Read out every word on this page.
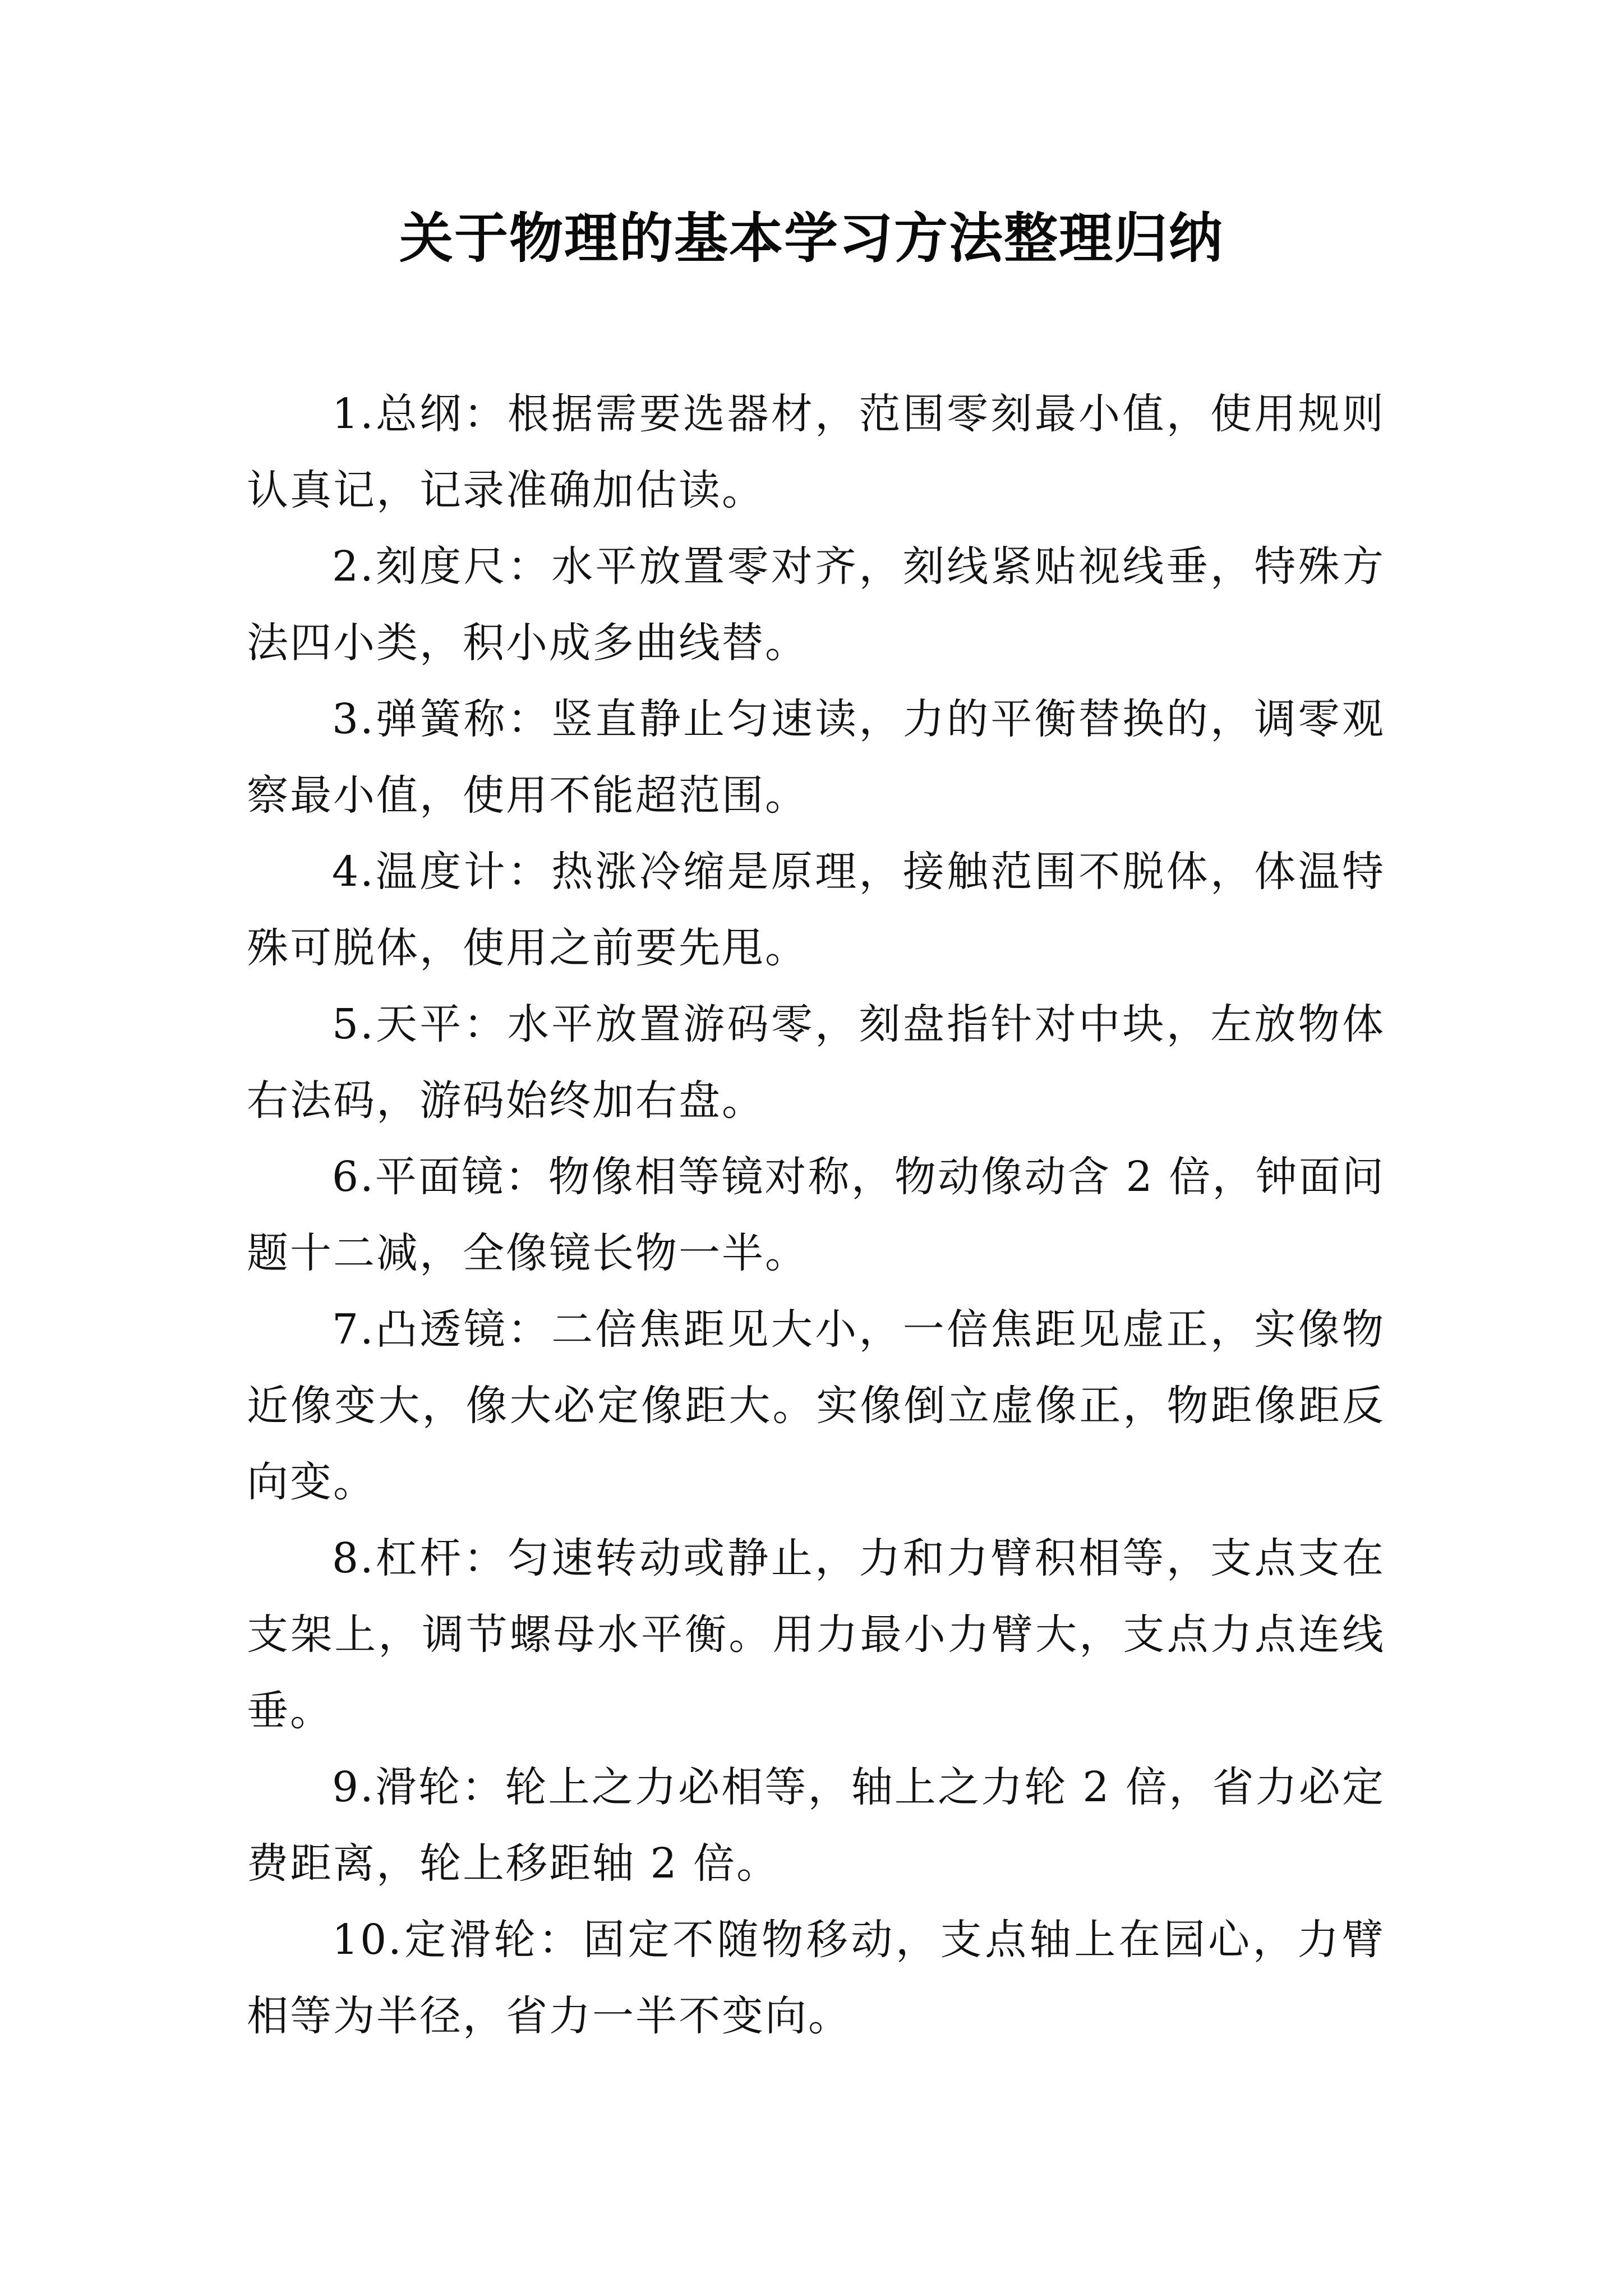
关于物理的基本学习方法整理归纳

1.总纲：根据需要选器材，范围零刻最小值，使用规则认真记，记录准确加估读。

2.刻度尺：水平放置零对齐，刻线紧贴视线垂，特殊方法四小类，积小成多曲线替。

3.弹簧称：竖直静止匀速读，力的平衡替换的，调零观察最小值，使用不能超范围。

4.温度计：热涨冷缩是原理，接触范围不脱体，体温特殊可脱体，使用之前要先甩。

5.天平：水平放置游码零，刻盘指针对中块，左放物体右法码，游码始终加右盘。

6.平面镜：物像相等镜对称，物动像动含 2 倍，钟面问题十二减，全像镜长物一半。

7.凸透镜：二倍焦距见大小，一倍焦距见虚正，实像物近像变大，像大必定像距大。实像倒立虚像正，物距像距反向变。

8.杠杆：匀速转动或静止，力和力臂积相等，支点支在支架上，调节螺母水平衡。用力最小力臂大，支点力点连线垂。

9.滑轮：轮上之力必相等，轴上之力轮 2 倍，省力必定费距离，轮上移距轴 2 倍。

10.定滑轮：固定不随物移动，支点轴上在园心，力臂相等为半径，省力一半不变向。
